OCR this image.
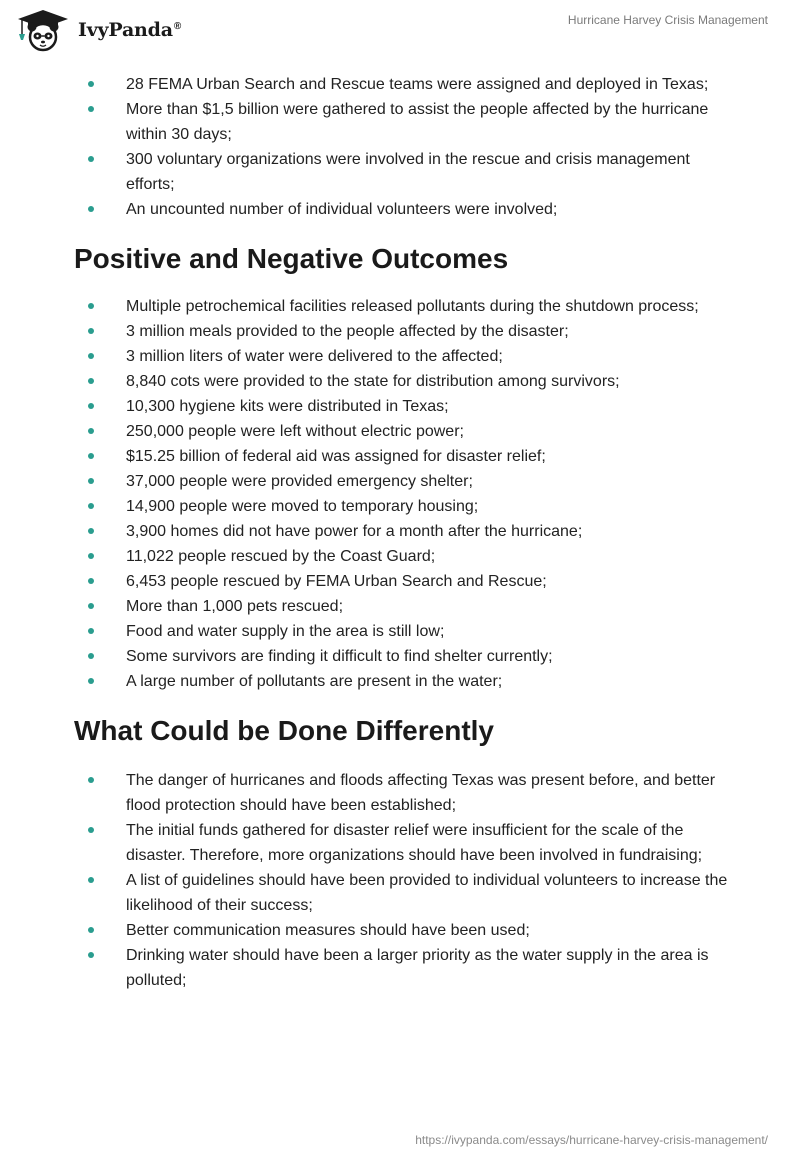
IvyPanda®	Hurricane Harvey Crisis Management
28 FEMA Urban Search and Rescue teams were assigned and deployed in Texas;
More than $1,5 billion were gathered to assist the people affected by the hurricane within 30 days;
300 voluntary organizations were involved in the rescue and crisis management efforts;
An uncounted number of individual volunteers were involved;
Positive and Negative Outcomes
Multiple petrochemical facilities released pollutants during the shutdown process;
3 million meals provided to the people affected by the disaster;
3 million liters of water were delivered to the affected;
8,840 cots were provided to the state for distribution among survivors;
10,300 hygiene kits were distributed in Texas;
250,000 people were left without electric power;
$15.25 billion of federal aid was assigned for disaster relief;
37,000 people were provided emergency shelter;
14,900 people were moved to temporary housing;
3,900 homes did not have power for a month after the hurricane;
11,022 people rescued by the Coast Guard;
6,453 people rescued by FEMA Urban Search and Rescue;
More than 1,000 pets rescued;
Food and water supply in the area is still low;
Some survivors are finding it difficult to find shelter currently;
A large number of pollutants are present in the water;
What Could be Done Differently
The danger of hurricanes and floods affecting Texas was present before, and better flood protection should have been established;
The initial funds gathered for disaster relief were insufficient for the scale of the disaster. Therefore, more organizations should have been involved in fundraising;
A list of guidelines should have been provided to individual volunteers to increase the likelihood of their success;
Better communication measures should have been used;
Drinking water should have been a larger priority as the water supply in the area is polluted;
https://ivypanda.com/essays/hurricane-harvey-crisis-management/
